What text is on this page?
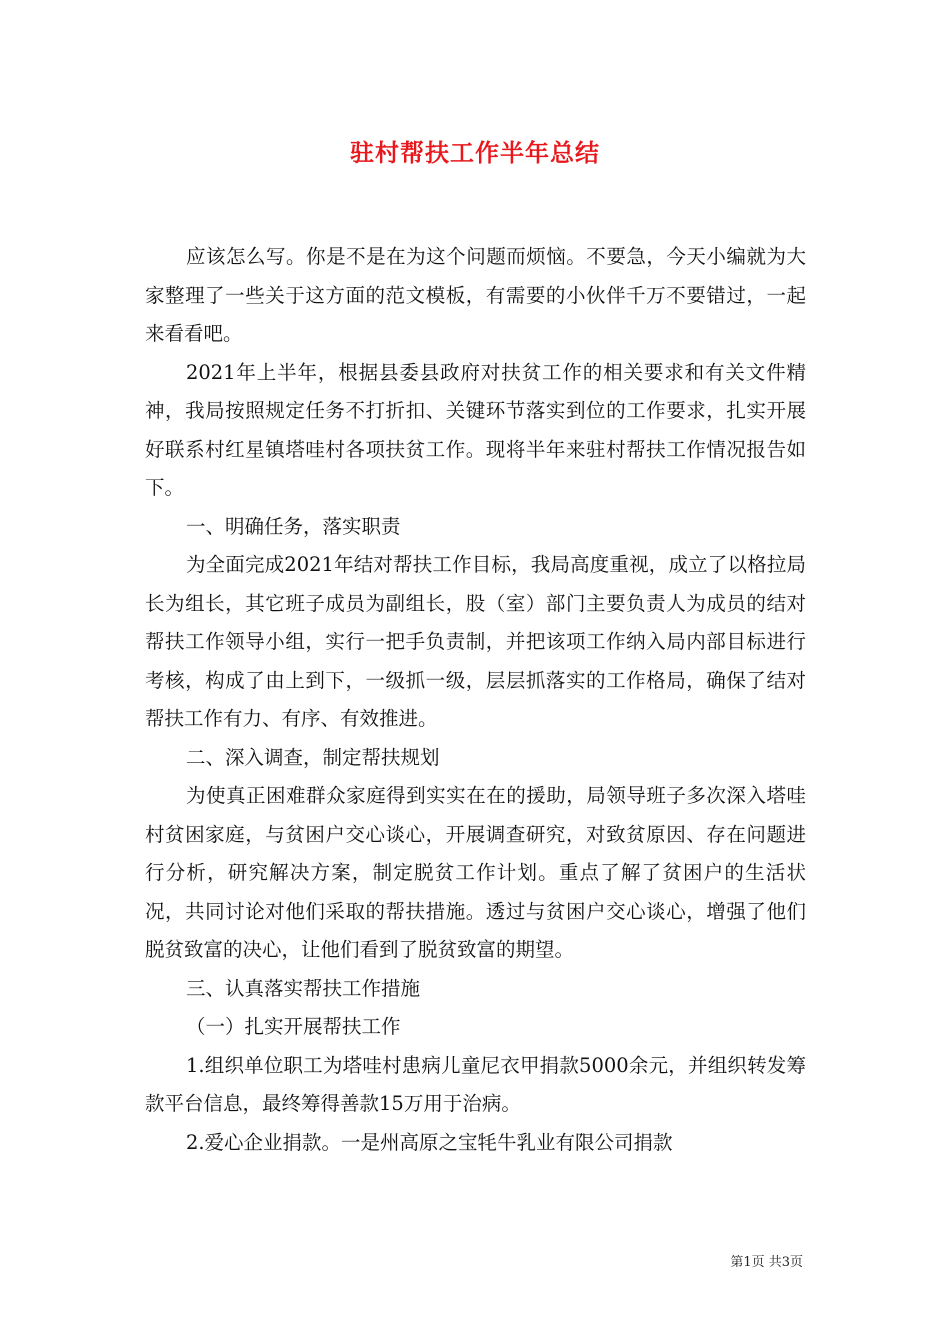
驻村帮扶工作半年总结

应该怎么写。你是不是在为这个问题而烦恼。不要急，今天小编就为大家整理了一些关于这方面的范文模板，有需要的小伙伴千万不要错过，一起来看看吧。

2021年上半年，根据县委县政府对扶贫工作的相关要求和有关文件精神，我局按照规定任务不打折扣、关键环节落实到位的工作要求，扎实开展好联系村红星镇塔哇村各项扶贫工作。现将半年来驻村帮扶工作情况报告如下。

一、明确任务，落实职责

为全面完成2021年结对帮扶工作目标，我局高度重视，成立了以格拉局长为组长，其它班子成员为副组长，股（室）部门主要负责人为成员的结对帮扶工作领导小组，实行一把手负责制，并把该项工作纳入局内部目标进行考核，构成了由上到下，一级抓一级，层层抓落实的工作格局，确保了结对帮扶工作有力、有序、有效推进。

二、深入调查，制定帮扶规划

为使真正困难群众家庭得到实实在在的援助，局领导班子多次深入塔哇村贫困家庭，与贫困户交心谈心，开展调查研究，对致贫原因、存在问题进行分析，研究解决方案，制定脱贫工作计划。重点了解了贫困户的生活状况，共同讨论对他们采取的帮扶措施。透过与贫困户交心谈心，增强了他们脱贫致富的决心，让他们看到了脱贫致富的期望。

三、认真落实帮扶工作措施

（一）扎实开展帮扶工作

1.组织单位职工为塔哇村患病儿童尼衣甲捐款5000余元，并组织转发筹款平台信息，最终筹得善款15万用于治病。

2.爱心企业捐款。一是州高原之宝牦牛乳业有限公司捐款

第1页 共3页
